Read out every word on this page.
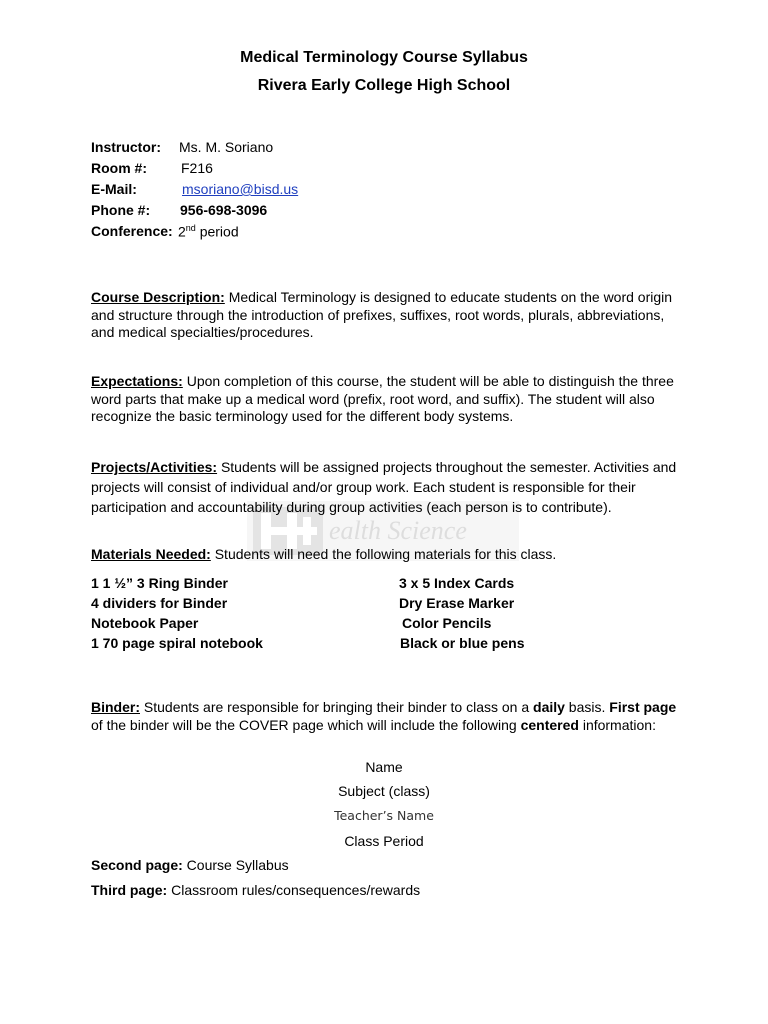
ealth Science
Medical Terminology Course Syllabus
Rivera Early College High School
Instructor: Ms. M. Soriano
Room #: F216
E-Mail:	msoriano@bisd.us
Phone #: 956-698-3096
Conference: 2nd period
Course Description: Medical Terminology is designed to educate students on the word origin and structure through the introduction of prefixes, suffixes, root words, plurals, abbreviations, and medical specialties/procedures.
Expectations: Upon completion of this course, the student will be able to distinguish the three word parts that make up a medical word (prefix, root word, and suffix). The student will also recognize the basic terminology used for the different body systems.
Projects/Activities: Students will be assigned projects throughout the semester. Activities and projects will consist of individual and/or group work. Each student is responsible for their participation and accountability during group activities (each person is to contribute).
Materials Needed: Students will need the following materials for this class.
1 1 ½” 3 Ring Binder
4 dividers for Binder
Notebook Paper
1 70 page spiral notebook
3 x 5 Index Cards
Dry Erase Marker
Color Pencils
Black or blue pens
Binder: Students are responsible for bringing their binder to class on a daily basis. First page of the binder will be the COVER page which will include the following centered information:
Name
Subject (class)
Teacher’s Name
Class Period
Second page: Course Syllabus
Third page: Classroom rules/consequences/rewards
